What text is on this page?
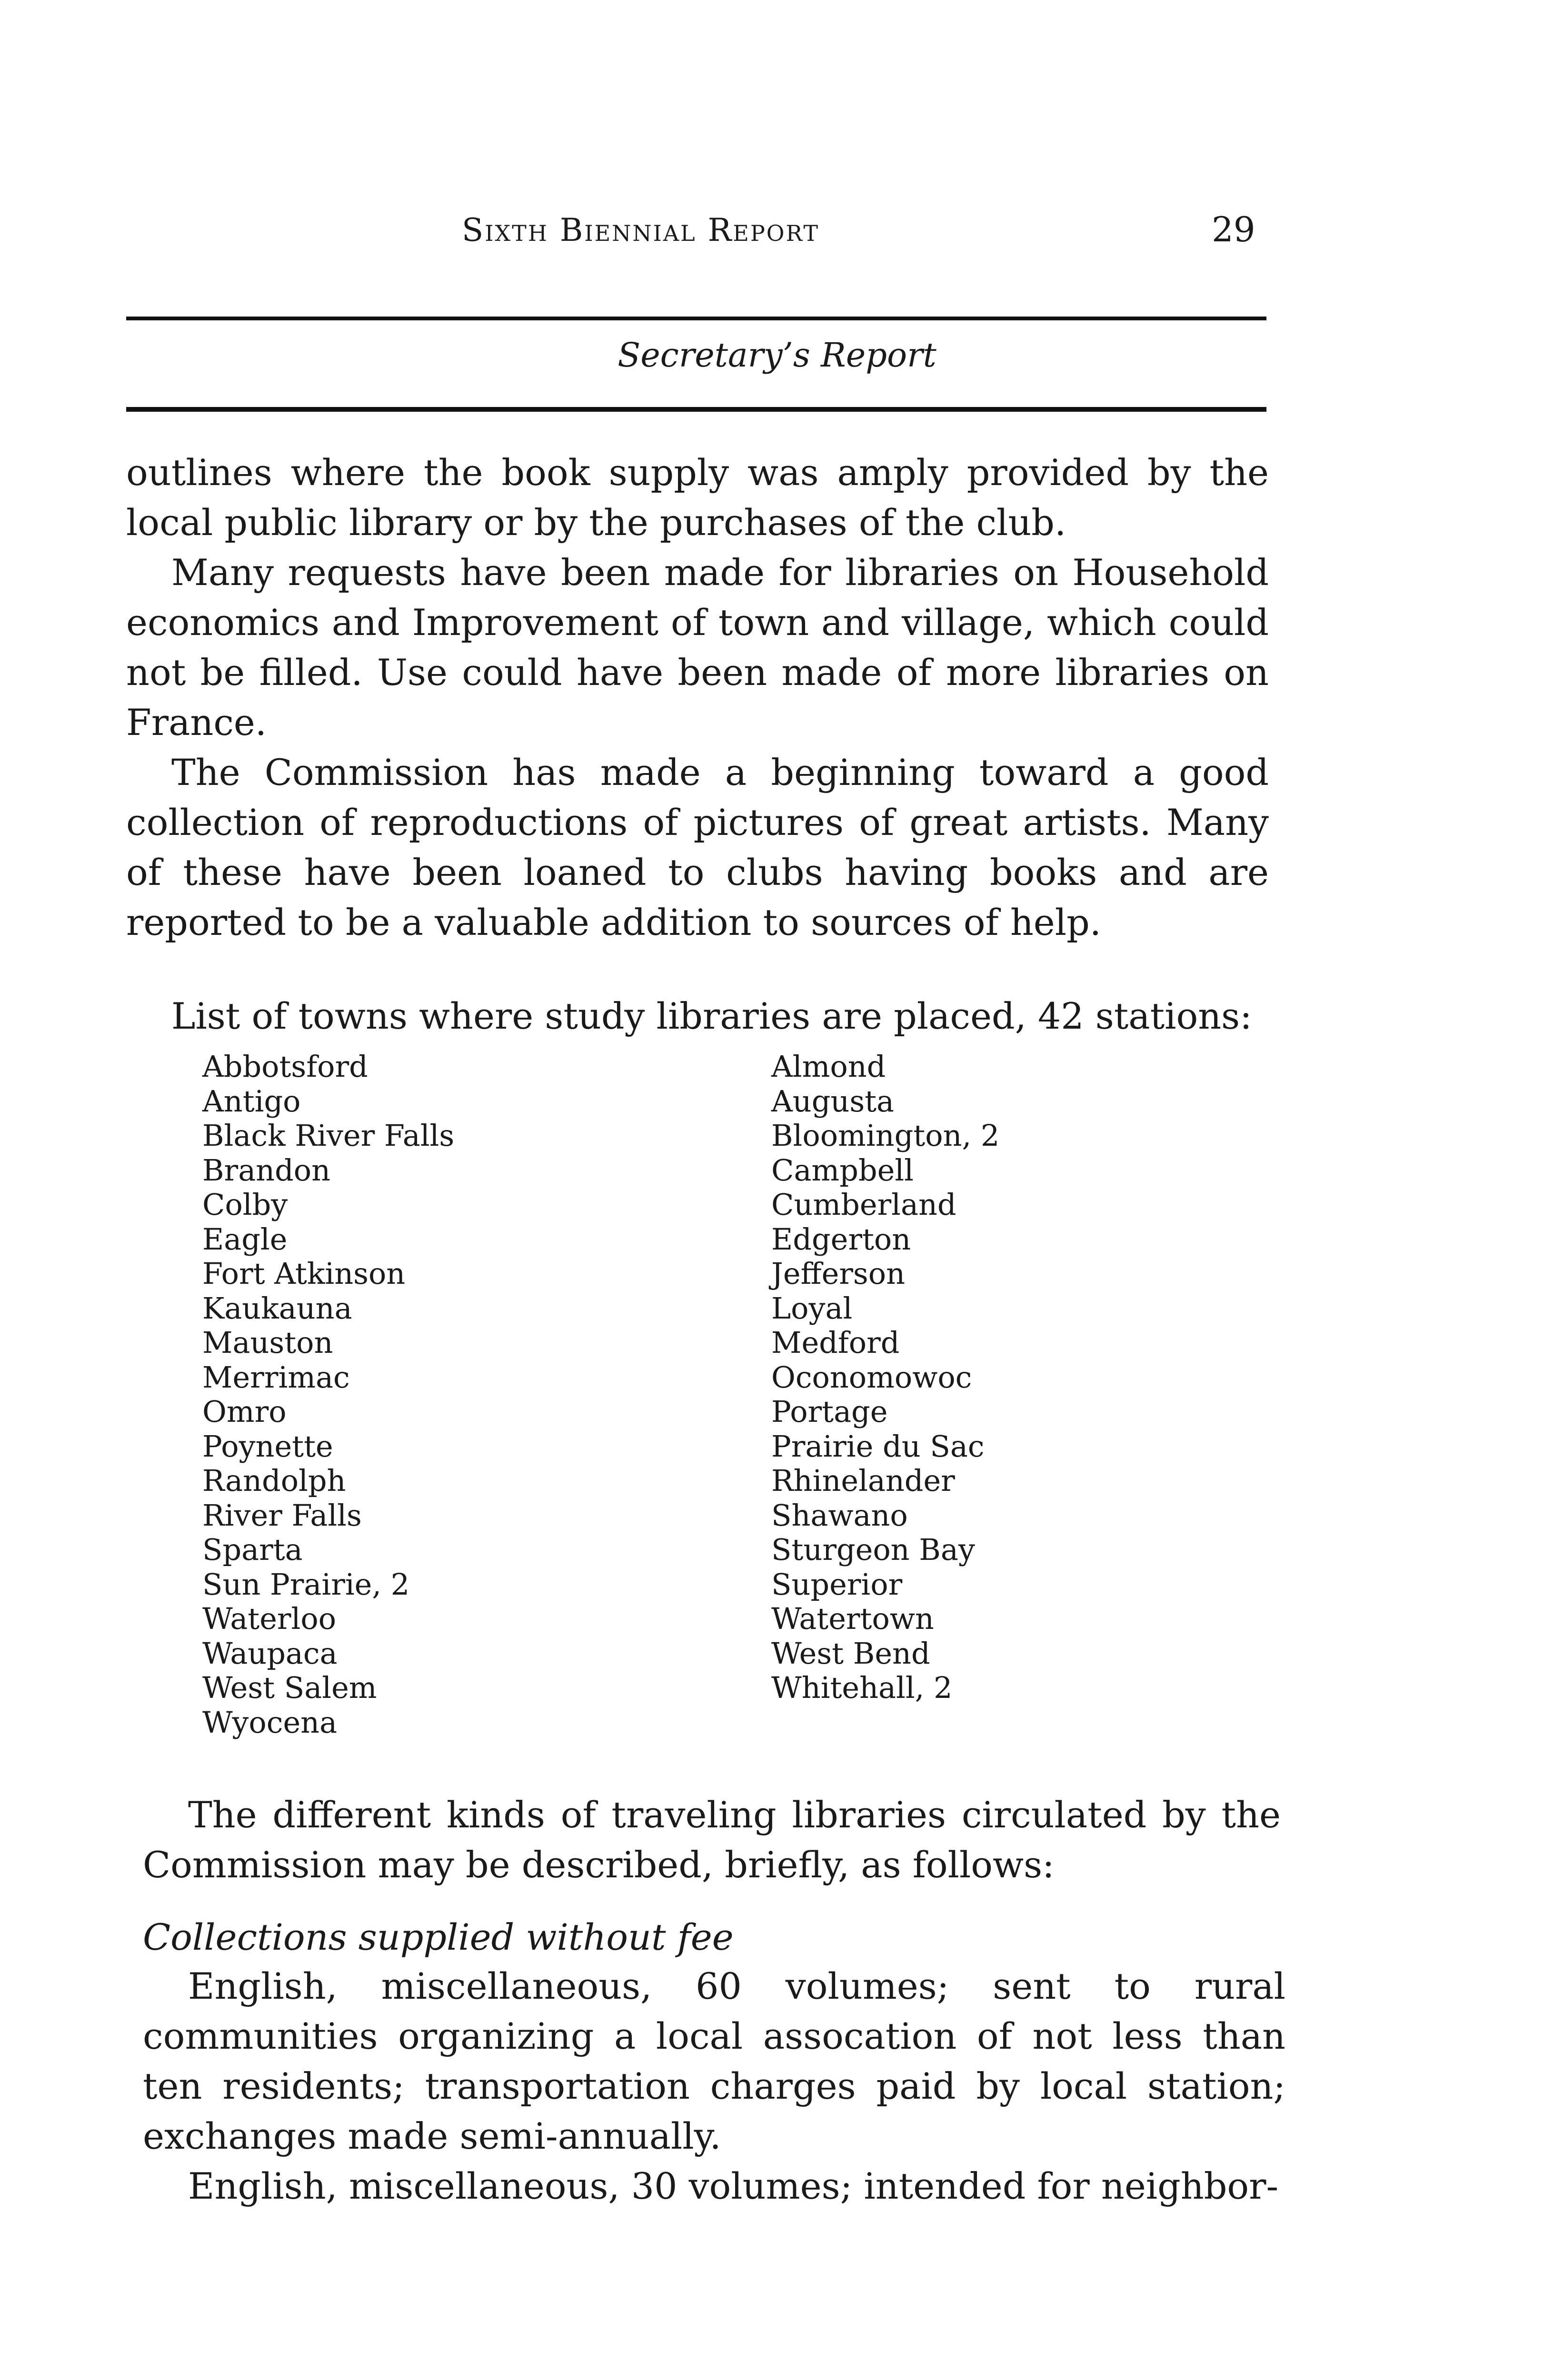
Sixth Biennial Report	29
Secretary’s Report

outlines where the book supply was amply provided by the local public library or by the purchases of the club.

Many requests have been made for libraries on Household economics and Improvement of town and village, which could not be filled. Use could have been made of more libraries on France.

The Commission has made a beginning toward a good collection of reproductions of pictures of great artists. Many of these have been loaned to clubs having books and are reported to be a valuable addition to sources of help.

List of towns where study libraries are placed, 42 stations:
Abbotsford
Antigo
Black River Falls
Brandon
Colby
Eagle
Fort Atkinson
Kaukauna
Mauston
Merrimac
Omro
Poynette
Randolph
River Falls
Sparta
Sun Prairie, 2
Waterloo
Waupaca
West Salem
Wyocena
Almond
Augusta
Bloomington, 2
Campbell
Cumberland
Edgerton
Jefferson
Loyal
Medford
Oconomowoc
Portage
Prairie du Sac
Rhinelander
Shawano
Sturgeon Bay
Superior
Watertown
West Bend
Whitehall, 2

The different kinds of traveling libraries circulated by the Commission may be described, briefly, as follows:

Collections supplied without fee

English, miscellaneous, 60 volumes; sent to rural communities organizing a local assocation of not less than ten residents; transportation charges paid by local station; exchanges made semi-annually.

English, miscellaneous, 30 volumes; intended for neighbor-
